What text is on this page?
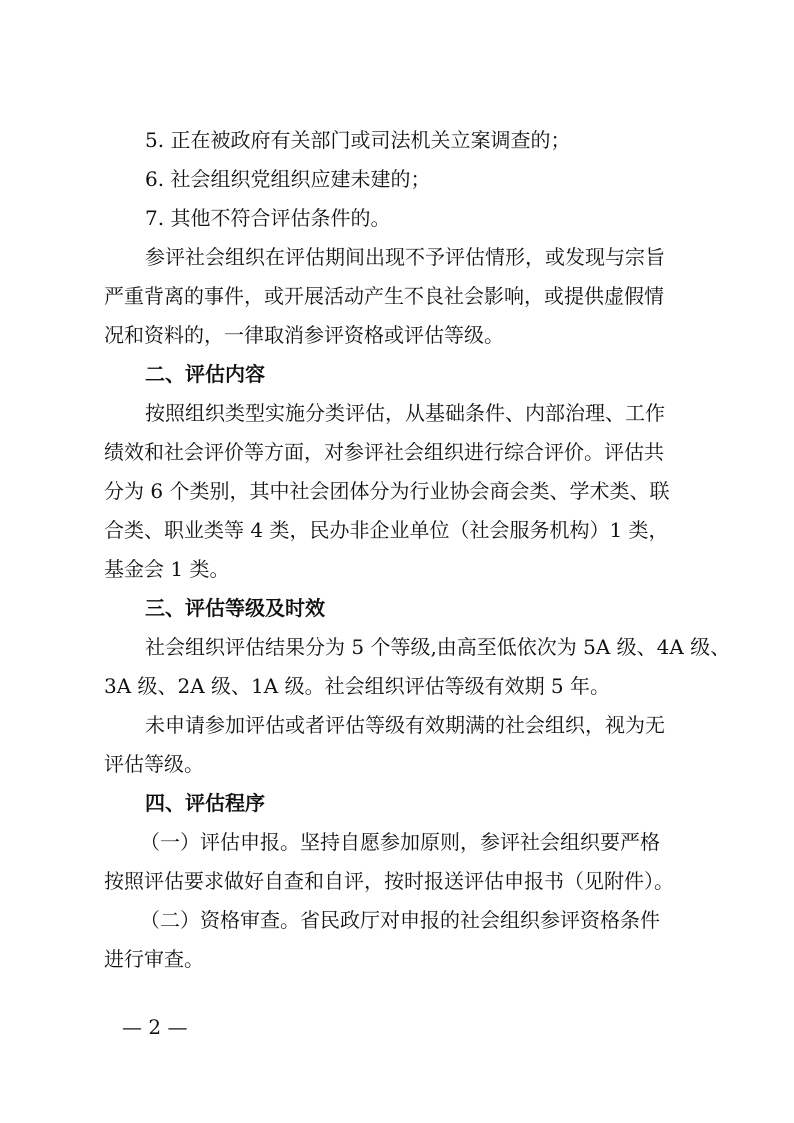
5. 正在被政府有关部门或司法机关立案调查的；
6. 社会组织党组织应建未建的；
7. 其他不符合评估条件的。
参评社会组织在评估期间出现不予评估情形，或发现与宗旨
严重背离的事件，或开展活动产生不良社会影响，或提供虚假情
况和资料的，一律取消参评资格或评估等级。
二、评估内容
按照组织类型实施分类评估，从基础条件、内部治理、工作
绩效和社会评价等方面，对参评社会组织进行综合评价。评估共
分为 6 个类别，其中社会团体分为行业协会商会类、学术类、联
合类、职业类等 4 类，民办非企业单位（社会服务机构）1 类，
基金会 1 类。
三、评估等级及时效
社会组织评估结果分为 5 个等级,由高至低依次为 5A 级、4A 级、
3A 级、2A 级、1A 级。社会组织评估等级有效期 5 年。
未申请参加评估或者评估等级有效期满的社会组织，视为无
评估等级。
四、评估程序
（一）评估申报。坚持自愿参加原则，参评社会组织要严格
按照评估要求做好自查和自评，按时报送评估申报书（见附件）。
（二）资格审查。省民政厅对申报的社会组织参评资格条件
进行审查。
— 2 —
